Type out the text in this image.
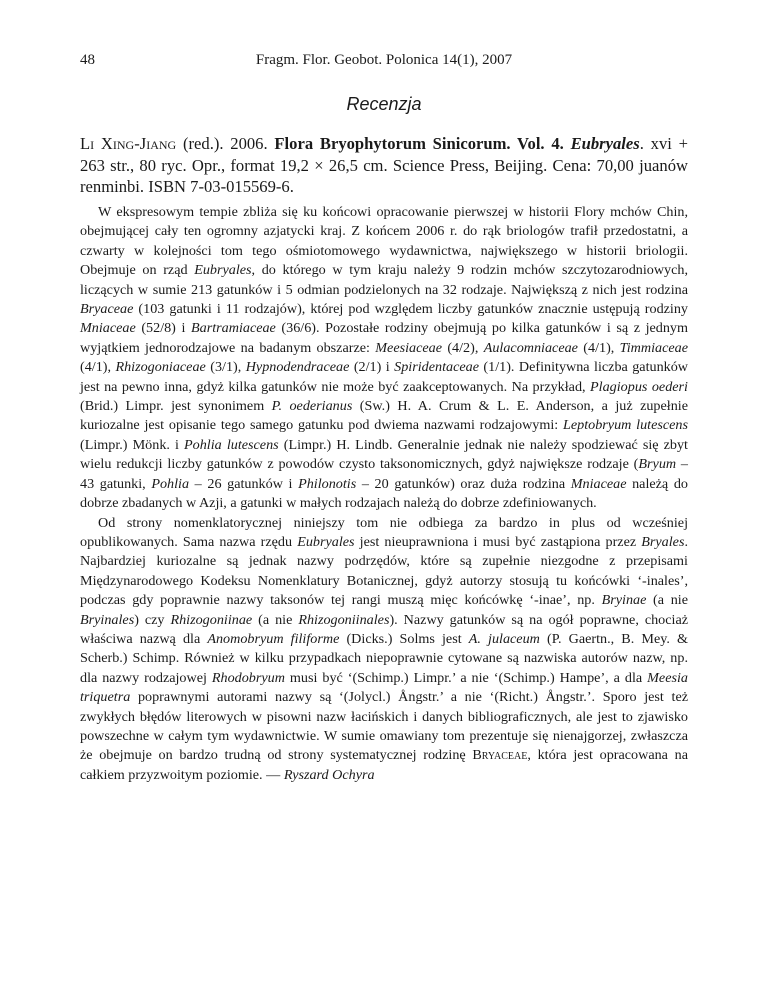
48	Fragm. Flor. Geobot. Polonica 14(1), 2007
Recenzja
Li Xing-Jiang (red.). 2006. Flora Bryophytorum Sinicorum. Vol. 4. Eubryales. xvi + 263 str., 80 ryc. Opr., format 19,2 × 26,5 cm. Science Press, Beijing. Cena: 70,00 juanów renminbi. ISBN 7-03-015569-6.

W ekspresowym tempie zbliża się ku końcowi opracowanie pierwszej w historii Flory mchów Chin, obejmującej cały ten ogromny azjatycki kraj. Z końcem 2006 r. do rąk briologów trafił przedostatni, a czwarty w kolejności tom tego ośmiotomowego wydawnictwa, największego w historii briologii. Obejmuje on rząd Eubryales, do którego w tym kraju należy 9 rodzin mchów szczytozarodniowych, liczących w sumie 213 gatunków i 5 odmian podzielonych na 32 rodzaje. Największą z nich jest rodzina Bryaceae (103 gatunki i 11 rodzajów), której pod względem liczby gatunków znacznie ustępują rodziny Mniaceae (52/8) i Bartramiaceae (36/6). Pozostałe rodziny obejmują po kilka gatunków i są z jednym wyjątkiem jednorodzajowe na badanym obszarze: Meesiaceae (4/2), Aulacomniaceae (4/1), Timmiaceae (4/1), Rhizogoniaceae (3/1), Hypnodendraceae (2/1) i Spiridentaceae (1/1). Definitywna liczba gatunków jest na pewno inna, gdyż kilka gatunków nie może być zaakceptowanych. Na przykład, Plagiopus oederi (Brid.) Limpr. jest synonimem P. oederianus (Sw.) H. A. Crum & L. E. Anderson, a już zupełnie kuriozalne jest opisanie tego samego gatunku pod dwiema nazwami rodzajowymi: Leptobryum lutescens (Limpr.) Mönk. i Pohlia lutescens (Limpr.) H. Lindb. Generalnie jednak nie należy spodziewać się zbyt wielu redukcji liczby gatunków z powodów czysto taksonomicznych, gdyż największe rodzaje (Bryum – 43 gatunki, Pohlia – 26 gatunków i Philonotis – 20 gatunków) oraz duża rodzina Mniaceae należą do dobrze zbadanych w Azji, a gatunki w małych rodzajach należą do dobrze zdefiniowanych.

Od strony nomenklatorycznej niniejszy tom nie odbiega za bardzo in plus od wcześniej opublikowanych. Sama nazwa rzędu Eubryales jest nieuprawniona i musi być zastąpiona przez Bryales. Najbardziej kuriozalne są jednak nazwy podrzędów, które są zupełnie niezgodne z przepisami Międzynarodowego Kodeksu Nomenklatury Botanicznej, gdyż autorzy stosują tu końcówki ‘-inales’, podczas gdy poprawnie nazwy taksonów tej rangi muszą mięc końcówkę ‘-inae’, np. Bryinae (a nie Bryinales) czy Rhizogoniinae (a nie Rhizogoniinales). Nazwy gatunków są na ogół poprawne, chociaż właściwa nazwą dla Anomobryum filiforme (Dicks.) Solms jest A. julaceum (P. Gaertn., B. Mey. & Scherb.) Schimp. Również w kilku przypadkach niepoprawnie cytowane są nazwiska autorów nazw, np. dla nazwy rodzajowej Rhodobryum musi być ‘(Schimp.) Limpr.’ a nie ‘(Schimp.) Hampe’, a dla Meesia triquetra poprawnymi autorami nazwy są ‘(Jolycl.) Ångstr.’ a nie ‘(Richt.) Ångstr.’. Sporo jest też zwykłych błędów literowych w pisowni nazw łacińskich i danych bibliograficznych, ale jest to zjawisko powszechne w całym tym wydawnictwie. W sumie omawiany tom prezentuje się nienajgorzej, zwłaszcza że obejmuje on bardzo trudną od strony systematycznej rodzinę Bryaceae, która jest opracowana na całkiem przyzwoitym poziomie. — Ryszard Ochyra
